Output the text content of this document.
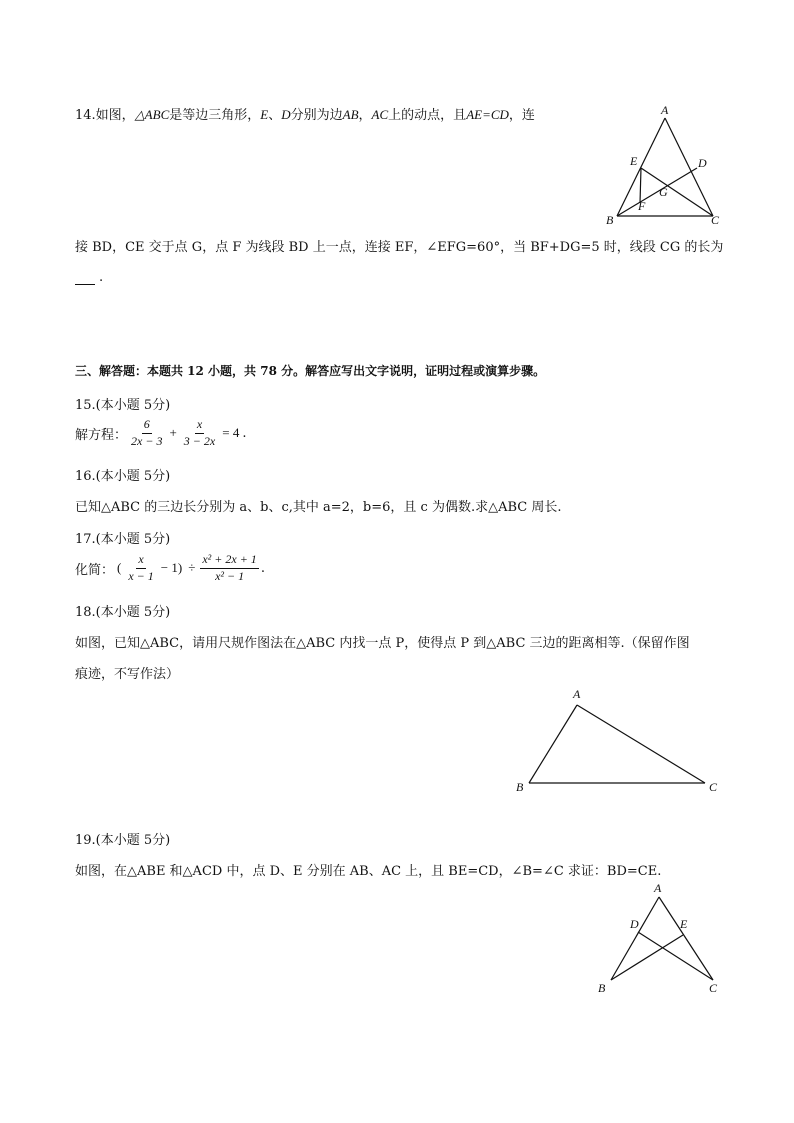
14.如图，△ABC是等边三角形，E、D分别为边AB，AC上的动点，且AE=CD，连	A
E	D
G
F
B	C
接 BD，CE 交于点 G，点 F 为线段 BD 上一点，连接 EF，∠EFG=60°，当 BF+DG=5 时，线段 CG 的长为
.
三、解答题：本题共 12 小题，共 78 分。解答应写出文字说明，证明过程或演算步骤。
15.(本小题 5分)
解方程： $\frac{6}{2x - 3} + \frac{x}{3 - 2x} = 4$ .
16.(本小题 5分)
已知△ABC 的三边长分别为 a、b、c,其中 a=2，b=6，且 c 为偶数.求△ABC 周长.
17.(本小题 5分)
化简： ( $\frac{x}{x - 1} - 1) \div \frac{\text{x² + 2x + 1}}{\text{x² − 1}}$ .
18.(本小题 5分)
如图，已知△ABC，请用尺规作图法在△ABC 内找一点 P，使得点 P 到△ABC 三边的距离相等.（保留作图
痕迹，不写作法）
A
B	C
19.(本小题 5分)
如图，在△ABE 和△ACD 中，点 D、E 分别在 AB、AC 上，且 BE=CD，∠B=∠C 求证：BD=CE.
A
D	E
B	C
